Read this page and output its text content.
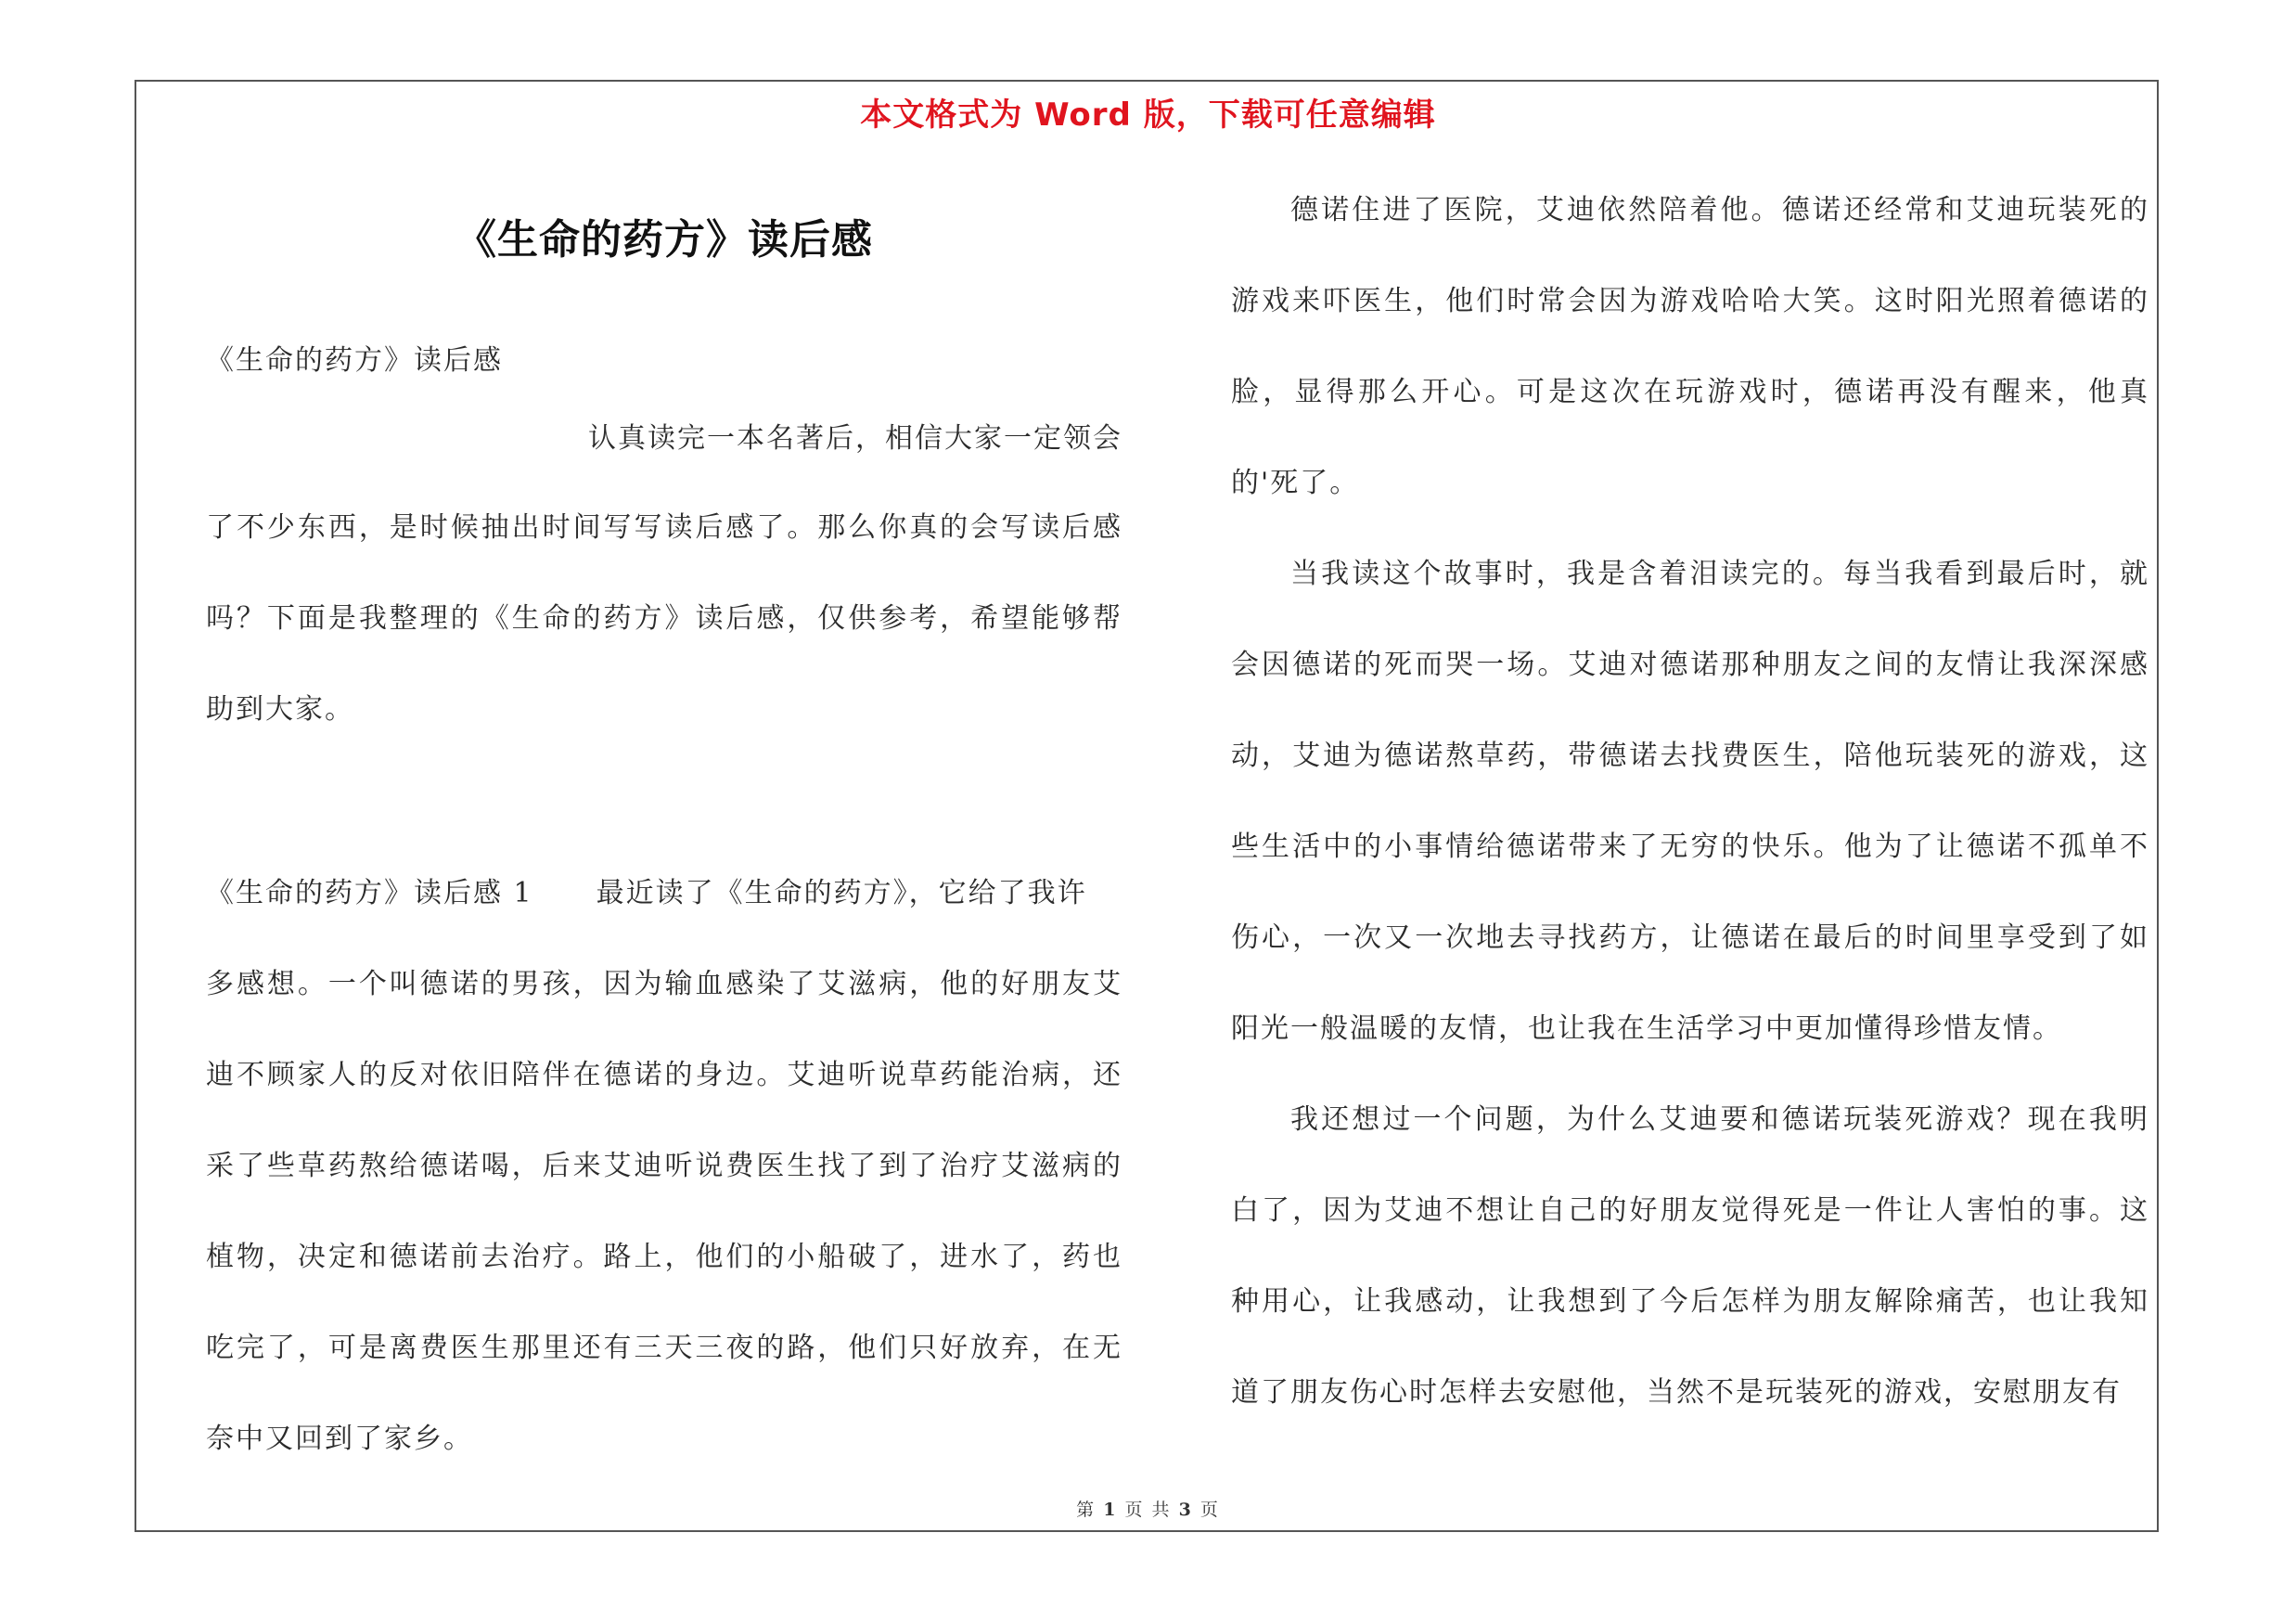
本文格式为 Word 版，下载可任意编辑
《生命的药方》读后感
《生命的药方》读后感
认真读完一本名著后，相信大家一定领会
了不少东西，是时候抽出时间写写读后感了。那么你真的会写读后感吗？下面是我整理的《生命的药方》读后感，仅供参考，希望能够帮助到大家。
《生命的药方》读后感 1 最近读了《生命的药方》，它给了我许
多感想。一个叫德诺的男孩，因为输血感染了艾滋病，他的好朋友艾迪不顾家人的反对依旧陪伴在德诺的身边。艾迪听说草药能治病，还采了些草药熬给德诺喝，后来艾迪听说费医生找了到了治疗艾滋病的植物，决定和德诺前去治疗。路上，他们的小船破了，进水了，药也吃完了，可是离费医生那里还有三天三夜的路，他们只好放弃，在无奈中又回到了家乡。
德诺住进了医院，艾迪依然陪着他。德诺还经常和艾迪玩装死的游戏来吓医生，他们时常会因为游戏哈哈大笑。这时阳光照着德诺的脸，显得那么开心。可是这次在玩游戏时，德诺再没有醒来，他真的'死了。
当我读这个故事时，我是含着泪读完的。每当我看到最后时，就会因德诺的死而哭一场。艾迪对德诺那种朋友之间的友情让我深深感动，艾迪为德诺熬草药，带德诺去找费医生，陪他玩装死的游戏，这些生活中的小事情给德诺带来了无穷的快乐。他为了让德诺不孤单不伤心，一次又一次地去寻找药方，让德诺在最后的时间里享受到了如阳光一般温暖的友情，也让我在生活学习中更加懂得珍惜友情。
我还想过一个问题，为什么艾迪要和德诺玩装死游戏？现在我明白了，因为艾迪不想让自己的好朋友觉得死是一件让人害怕的事。这种用心，让我感动，让我想到了今后怎样为朋友解除痛苦，也让我知道了朋友伤心时怎样去安慰他，当然不是玩装死的游戏，安慰朋友有
第 1 页 共 3 页
